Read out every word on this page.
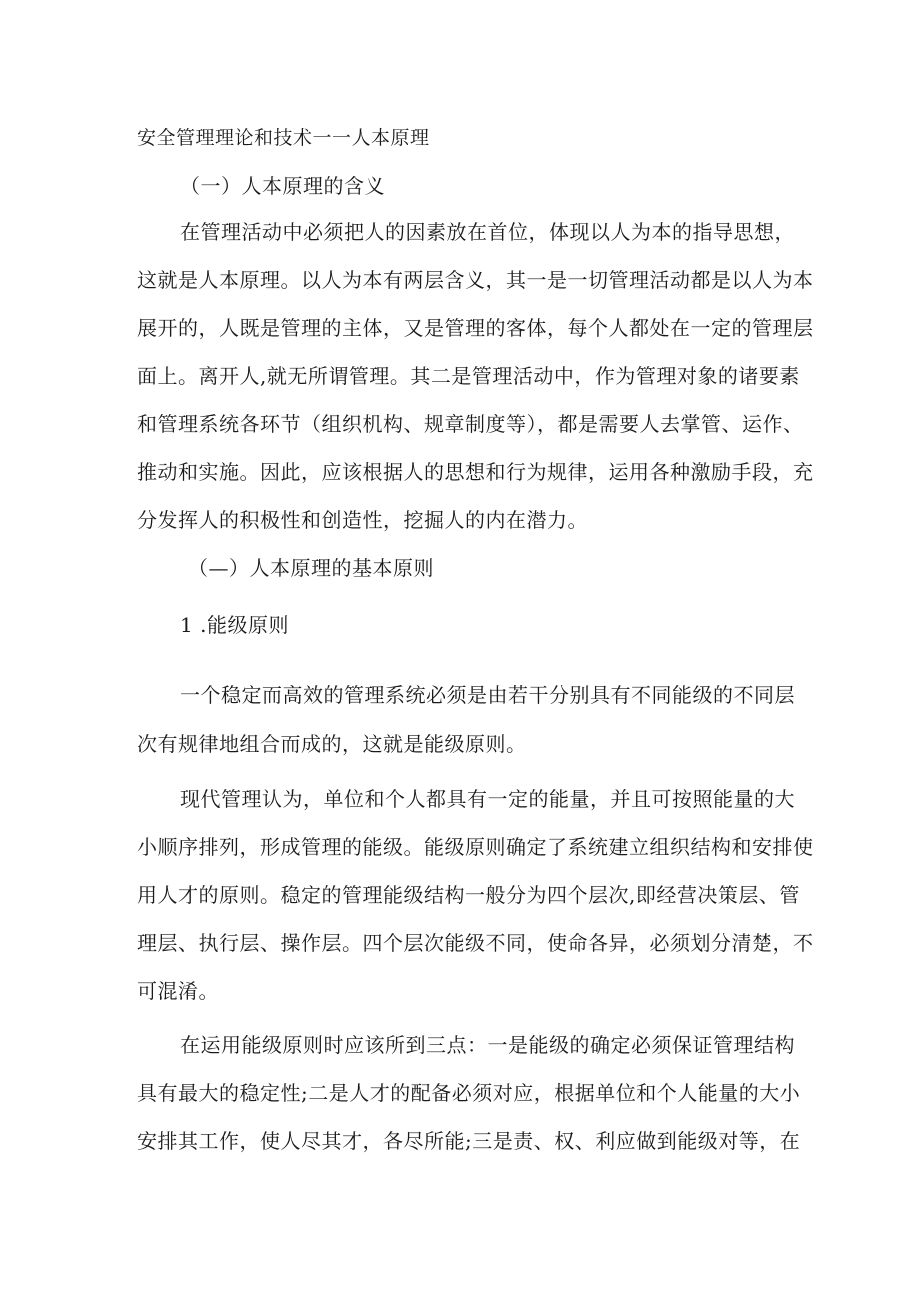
安全管理理论和技术一一人本原理
（一）人本原理的含义
在管理活动中必须把人的因素放在首位，体现以人为本的指导思想，
这就是人本原理。以人为本有两层含义，其一是一切管理活动都是以人为本
展开的，人既是管理的主体，又是管理的客体，每个人都处在一定的管理层
面上。离开人,就无所谓管理。其二是管理活动中，作为管理对象的诸要素
和管理系统各环节（组织机构、规章制度等），都是需要人去掌管、运作、
推动和实施。因此，应该根据人的思想和行为规律，运用各种激励手段，充
分发挥人的积极性和创造性，挖掘人的内在潜力。
（—）人本原理的基本原则
1 .能级原则
一个稳定而高效的管理系统必须是由若干分别具有不同能级的不同层
次有规律地组合而成的，这就是能级原则。
现代管理认为，单位和个人都具有一定的能量，并且可按照能量的大
小顺序排列，形成管理的能级。能级原则确定了系统建立组织结构和安排使
用人才的原则。稳定的管理能级结构一般分为四个层次,即经营决策层、管
理层、执行层、操作层。四个层次能级不同，使命各异，必须划分清楚，不
可混淆。
在运用能级原则时应该所到三点：一是能级的确定必须保证管理结构
具有最大的稳定性;二是人才的配备必须对应，根据单位和个人能量的大小
安排其工作，使人尽其才，各尽所能;三是责、权、利应做到能级对等，在
